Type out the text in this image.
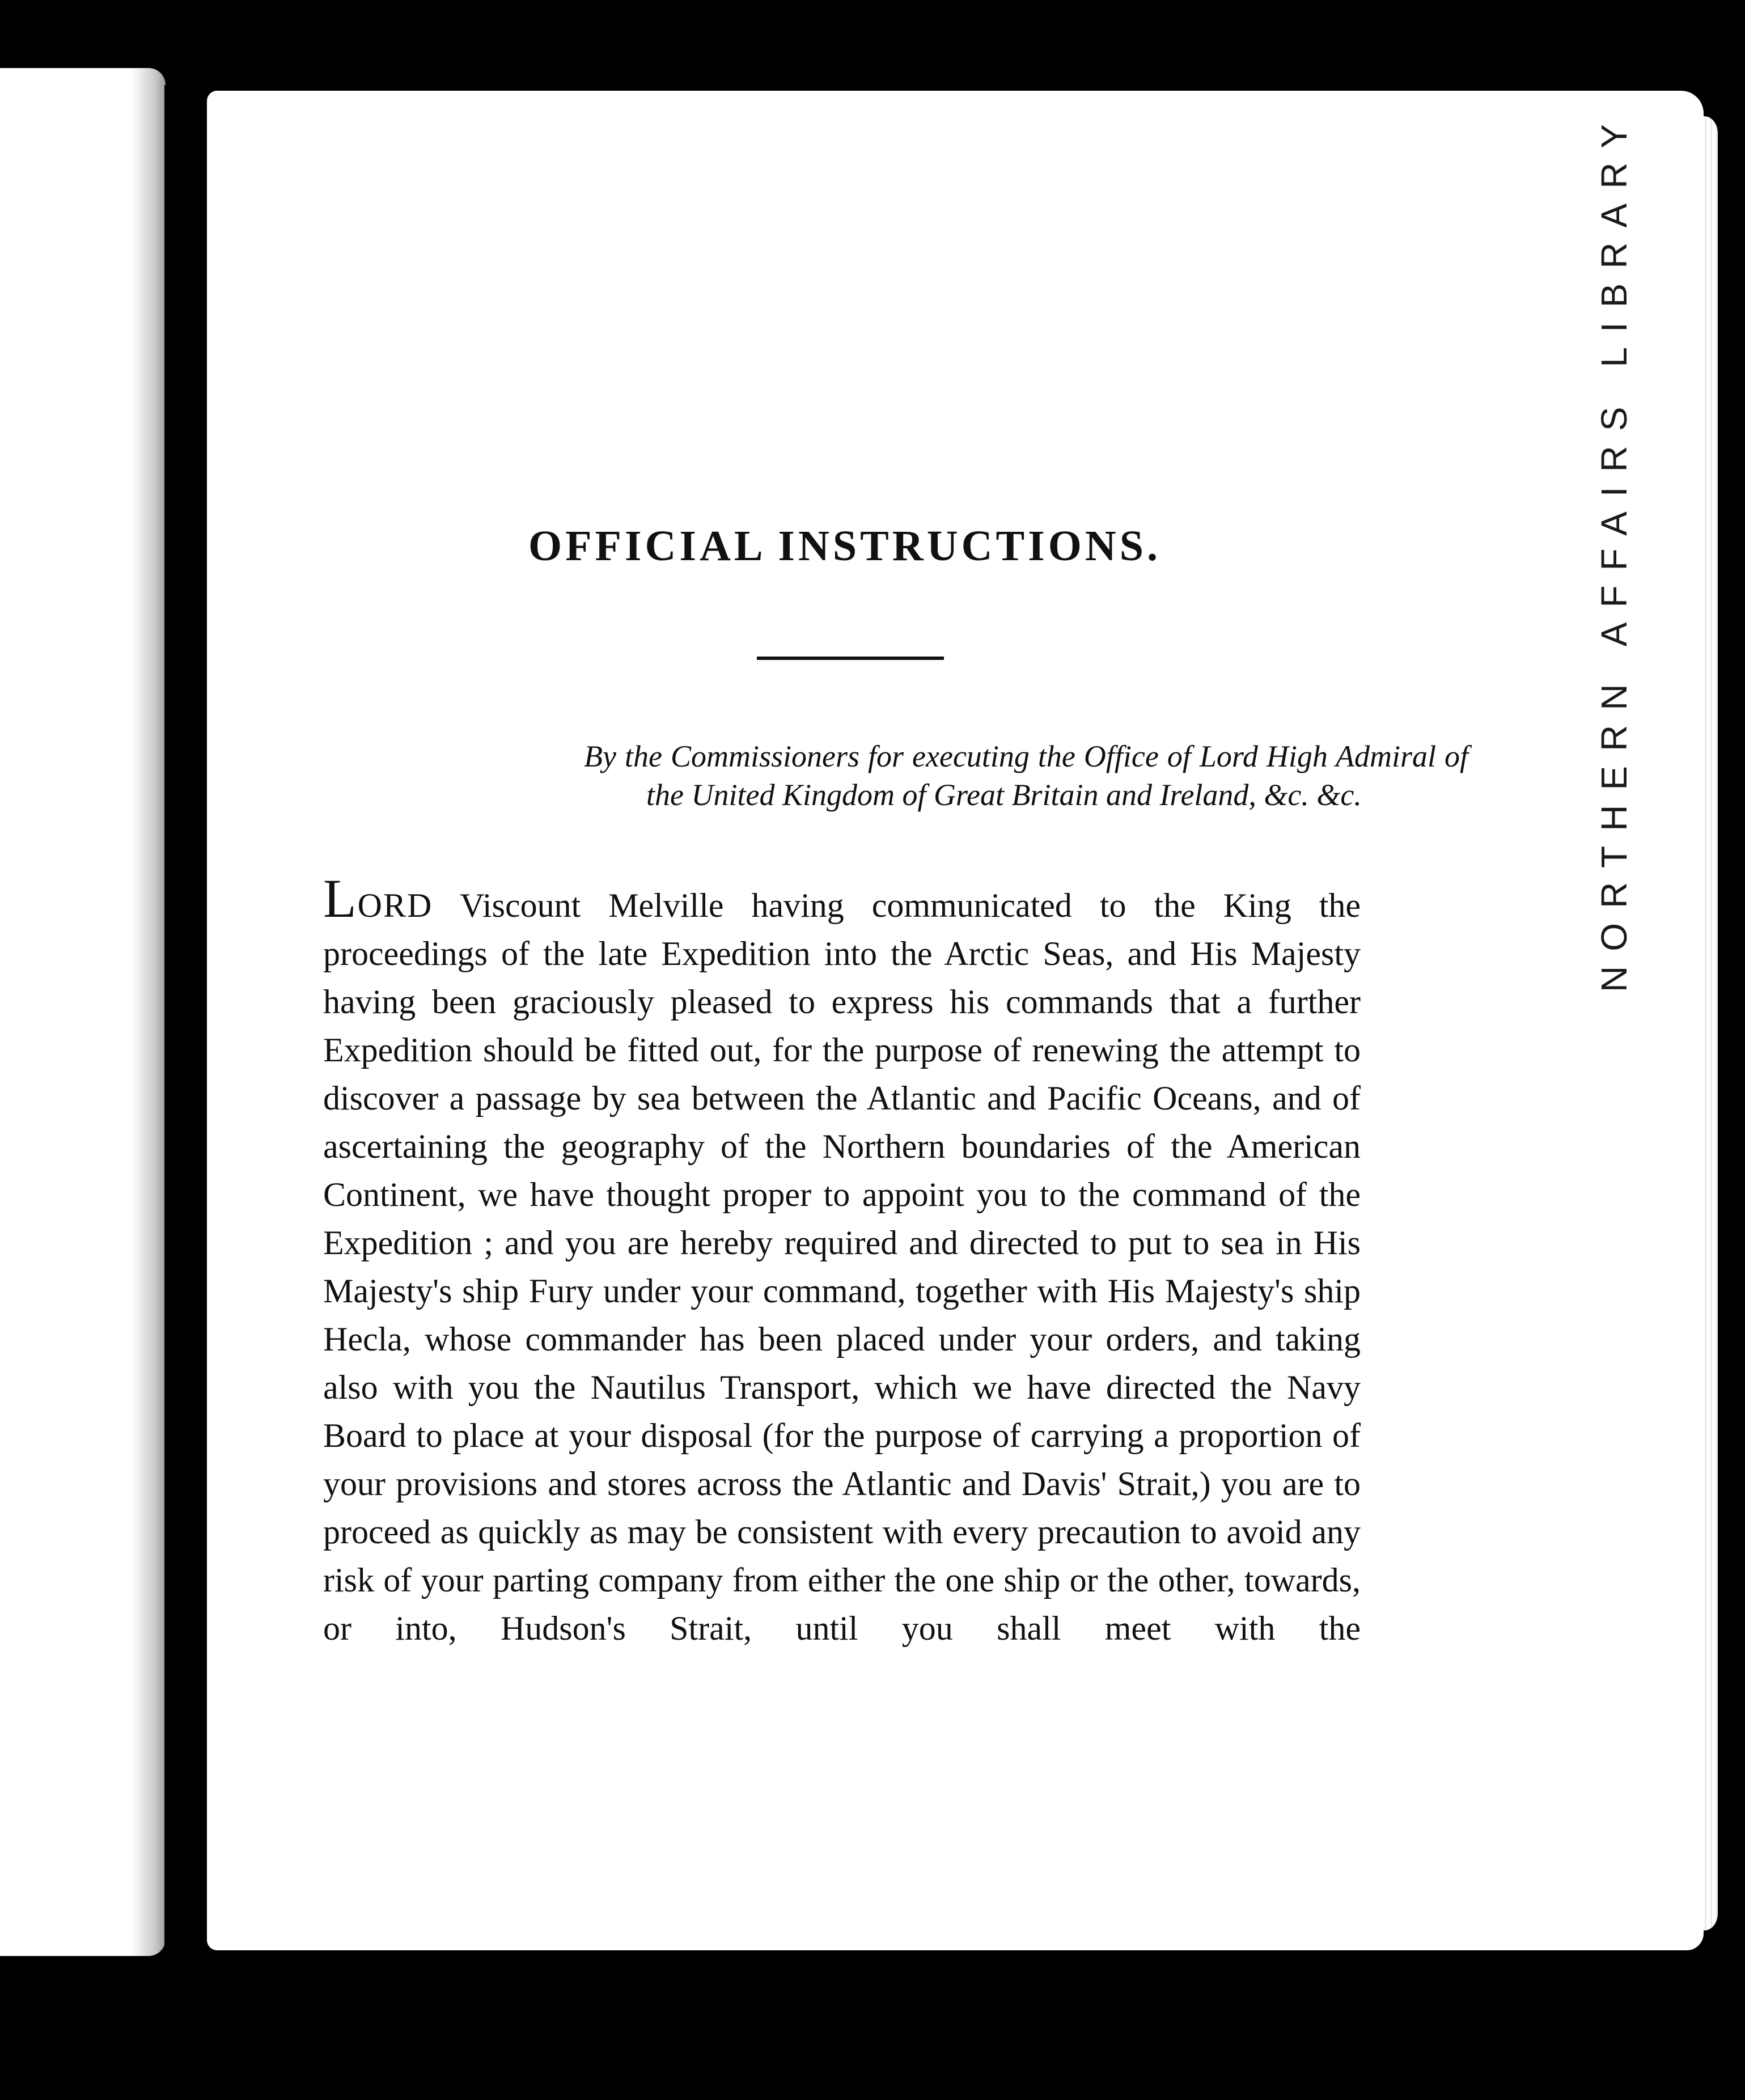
NORTHERN AFFAIRS LIBRARY
OFFICIAL INSTRUCTIONS.

By the Commissioners for executing the Office of Lord High Admiral of the United Kingdom of Great Britain and Ireland, &c. &c.

LORD Viscount Melville having communicated to the King the proceedings of the late Expedition into the Arctic Seas, and His Majesty having been graciously pleased to express his commands that a further Expedition should be fitted out, for the purpose of renewing the attempt to discover a passage by sea between the Atlantic and Pacific Oceans, and of ascertaining the geography of the Northern boundaries of the American Continent, we have thought proper to appoint you to the command of the Expedition ; and you are hereby required and directed to put to sea in His Majesty's ship Fury under your command, together with His Majesty's ship Hecla, whose commander has been placed under your orders, and taking also with you the Nautilus Transport, which we have directed the Navy Board to place at your disposal (for the purpose of carrying a proportion of your provisions and stores across the Atlantic and Davis' Strait,) you are to proceed as quickly as may be consistent with every precaution to avoid any risk of your parting company from either the one ship or the other, towards, or into, Hudson's Strait, until you shall meet with the
